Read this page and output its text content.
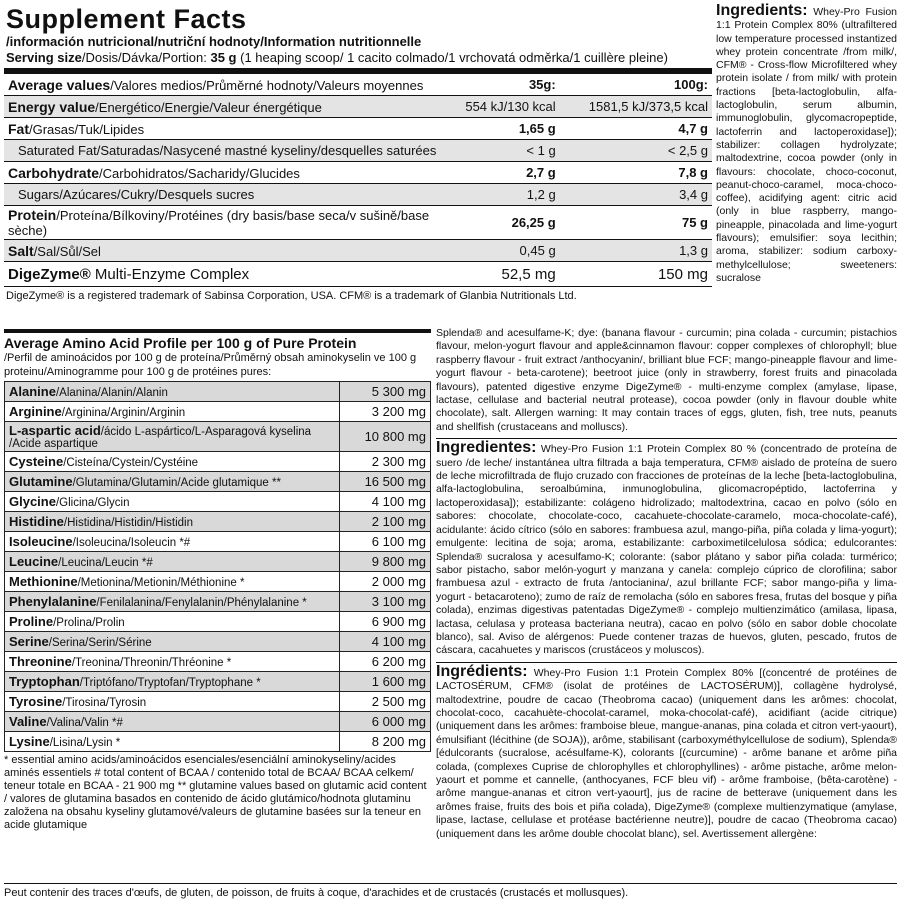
Supplement Facts
/información nutricional/nutriční hodnoty/Information nutritionnelle
Serving size/Dosis/Dávka/Portion: 35 g (1 heaping scoop/ 1 cacito colmado/1 vrchovatá odměrka/1 cuillère pleine)
Average values/Valores medios/Průměrné hodnoty/Valeurs moyennes	35g:	100g:
Energy value/Energético/Energie/Valeur énergétique	554 kJ/130 kcal	1581,5 kJ/373,5 kcal
Fat/Grasas/Tuk/Lipides	1,65 g	4,7 g
Saturated Fat/Saturadas/Nasycené mastné kyseliny/desquelles saturées	< 1 g	< 2,5 g
Carbohydrate/Carbohidratos/Sacharidy/Glucides	2,7 g	7,8 g
Sugars/Azúcares/Cukry/Desquels sucres	1,2 g	3,4 g
Protein/Proteína/Bílkoviny/Protéines (dry basis/base seca/v sušině/base sèche)	26,25 g	75 g
Salt/Sal/Sůl/Sel	0,45 g	1,3 g
DigeZyme® Multi-Enzyme Complex	52,5 mg	150 mg
DigeZyme® is a registered trademark of Sabinsa Corporation, USA. CFM® is a trademark of Glanbia Nutritionals Ltd.
Average Amino Acid Profile per 100 g of Pure Protein
/Perfil de aminoácidos por 100 g de proteína/Průměrný obsah aminokyselin ve 100 g proteinu/Aminogramme pour 100 g de protéines pures:
Alanine/Alanina/Alanin/Alanin	5 300 mg
Arginine/Arginina/Arginin/Arginin	3 200 mg
L-aspartic acid/ácido L-aspártico/L-Asparagová kyselina /Acide aspartique	10 800 mg
Cysteine/Cisteína/Cystein/Cystéine	2 300 mg
Glutamine/Glutamina/Glutamin/Acide glutamique **	16 500 mg
Glycine/Glicina/Glycin	4 100 mg
Histidine/Histidina/Histidin/Histidin	2 100 mg
Isoleucine/Isoleucina/Isoleucin *#	6 100 mg
Leucine/Leucina/Leucin *#	9 800 mg
Methionine/Metionina/Metionin/Méthionine *	2 000 mg
Phenylalanine/Fenilalanina/Fenylalanin/Phénylalanine *	3 100 mg
Proline/Prolina/Prolin	6 900 mg
Serine/Serina/Serin/Sérine	4 100 mg
Threonine/Treonina/Threonin/Thréonine *	6 200 mg
Tryptophan/Triptófano/Tryptofan/Tryptophane *	1 600 mg
Tyrosine/Tirosina/Tyrosin	2 500 mg
Valine/Valina/Valin *#	6 000 mg
Lysine/Lisina/Lysin *	8 200 mg
* essential amino acids/aminoácidos esenciales/esenciální aminokyseliny/acides aminés essentiels # total content of BCAA / contenido total de BCAA/ BCAA celkem/ teneur totale en BCAA - 21 900 mg ** glutamine values based on glutamic acid content / valores de glutamina basados en contenido de ácido glutámico/hodnota glutaminu založena na obsahu kyseliny glutamové/valeurs de glutamine basées sur la teneur en acide glutamique
Ingredients: Whey-Pro Fusion 1:1 Protein Complex 80% (ultrafiltered low temperature processed instantized whey protein concentrate /from milk/, CFM® - Cross-flow Microfiltered whey protein isolate / from milk/ with protein fractions [beta-lactoglobulin, alfa-lactoglobulin, serum albumin, immunoglobulin, glycomacropeptide, lactoferrin and lactoperoxidase]); stabilizer: collagen hydrolyzate; maltodextrine, cocoa powder (only in flavours: chocolate, choco-coconut, peanut-choco-caramel, moca-choco-coffee), acidifying agent: citric acid (only in blue raspberry, mango-pineapple, pinacolada and lime-yogurt flavours); emulsifier: soya lecithin; aroma, stabilizer: sodium carboxy-methylcellulose; sweeteners: sucralose
Splenda® and acesulfame-K; dye: (banana flavour - curcumin; pina colada - curcumin; pistachios flavour, melon-yogurt flavour and apple&cinnamon flavour: copper complexes of chlorophyll; blue raspberry flavour - fruit extract /anthocyanin/, brilliant blue FCF; mango-pineapple flavour and lime-yogurt flavour - beta-carotene); beetroot juice (only in strawberry, forest fruits and pinacolada flavours), patented digestive enzyme DigeZyme® - multi-enzyme complex (amylase, lipase, lactase, cellulase and bacterial neutral protease), cocoa powder (only in flavour double white chocolate), salt. Allergen warning: It may contain traces of eggs, gluten, fish, tree nuts, peanuts and shellfish (crustaceans and molluscs).
Ingredientes: Whey-Pro Fusion 1:1 Protein Complex 80 % (concentrado de proteína de suero /de leche/ instantánea ultra filtrada a baja temperatura, CFM® aislado de proteína de suero de leche microfiltrada de flujo cruzado con fracciones de proteínas de la leche [beta-lactoglobulina, alfa-lactoglobulina, seroalbúmina, inmunoglobulina, glicomacropéptido, lactoferrina y lactoperoxidasa]); estabilizante: colágeno hidrolizado; maltodextrina, cacao en polvo (sólo en sabores: chocolate, chocolate-coco, cacahuete-chocolate-caramelo, moca-chocolate-café), acidulante: ácido cítrico (sólo en sabores: frambuesa azul, mango-piña, piña colada y lima-yogurt); emulgente: lecitina de soja; aroma, estabilizante: carboximetilcelulosa sódica; edulcorantes: Splenda® sucralosa y acesulfamo-K; colorante: (sabor plátano y sabor piña colada: turmérico; sabor pistacho, sabor melón-yogurt y manzana y canela: complejo cúprico de clorofilina; sabor frambuesa azul - extracto de fruta /antocianina/, azul brillante FCF; sabor mango-piña y lima-yogurt - betacaroteno); zumo de raíz de remolacha (sólo en sabores fresa, frutas del bosque y piña colada), enzimas digestivas patentadas DigeZyme® - complejo multienzimático (amilasa, lipasa, lactasa, celulasa y proteasa bacteriana neutra), cacao en polvo (sólo en sabor doble chocolate blanco), sal. Aviso de alérgenos: Puede contener trazas de huevos, gluten, pescado, frutos de cáscara, cacahuetes y mariscos (crustáceos y moluscos).
Ingrédients: Whey-Pro Fusion 1:1 Protein Complex 80% [(concentré de protéines de LACTOSÉRUM, CFM® (isolat de protéines de LACTOSÉRUM)], collagène hydrolysé, maltodextrine, poudre de cacao (Theobroma cacao) (uniquement dans les arômes: chocolat, chocolat-coco, cacahuète-chocolat-caramel, moka-chocolat-café), acidifiant (acide citrique) (uniquement dans les arômes: framboise bleue, mangue-ananas, pina colada et citron vert-yaourt), émulsifiant (lécithine (de SOJA)), arôme, stabilisant (carboxyméthylcellulose de sodium), Splenda® [édulcorants (sucralose, acésulfame-K), colorants [(curcumine) - arôme banane et arôme piña colada, (complexes Cuprise de chlorophylles et chlorophyllines) - arôme pistache, arôme melon-yaourt et pomme et cannelle, (anthocyanes, FCF bleu vif) - arôme framboise, (bêta-carotène) - arôme mangue-ananas et citron vert-yaourt], jus de racine de betterave (uniquement dans les arômes fraise, fruits des bois et piña colada), DigeZyme® (complexe multienzymatique (amylase, lipase, lactase, cellulase et protéase bactérienne neutre)], poudre de cacao (Theobroma cacao) (uniquement dans les arôme double chocolat blanc), sel. Avertissement allergène:
Peut contenir des traces d'œufs, de gluten, de poisson, de fruits à coque, d'arachides et de crustacés (crustacés et mollusques).
